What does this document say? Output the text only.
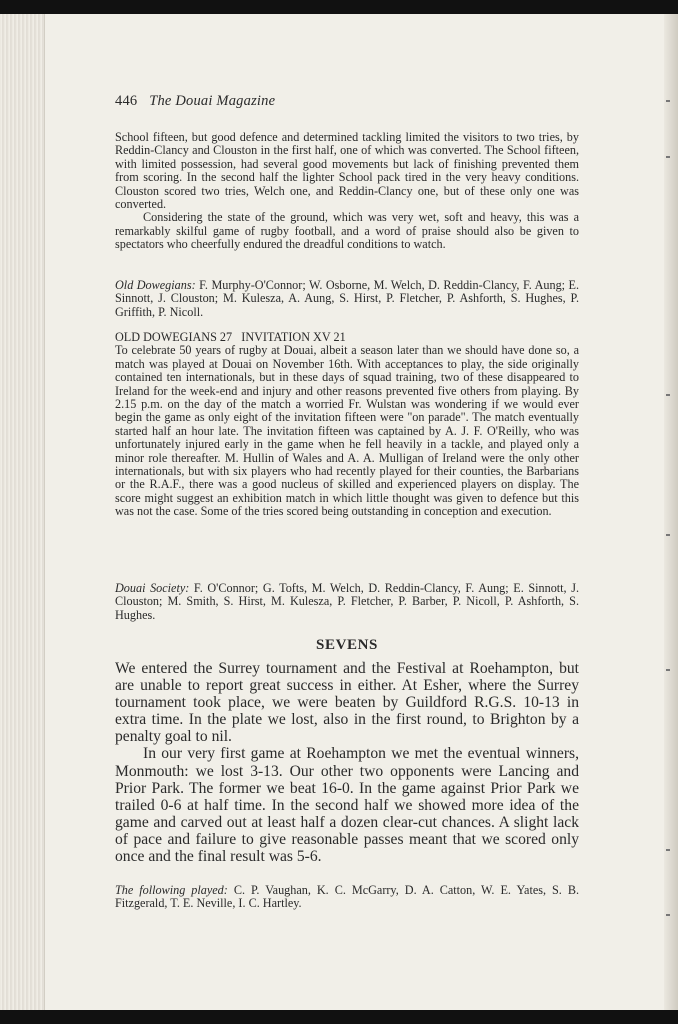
446 The Douai Magazine

School fifteen, but good defence and determined tackling limited the visitors to two tries, by Reddin-Clancy and Clouston in the first half, one of which was converted. The School fifteen, with limited possession, had several good movements but lack of finishing prevented them from scoring. In the second half the lighter School pack tired in the very heavy conditions. Clouston scored two tries, Welch one, and Reddin-Clancy one, but of these only one was converted.

Considering the state of the ground, which was very wet, soft and heavy, this was a remarkably skilful game of rugby football, and a word of praise should also be given to spectators who cheerfully endured the dreadful conditions to watch.

Old Dowegians: F. Murphy-O'Connor; W. Osborne, M. Welch, D. Reddin-Clancy, F. Aung; E. Sinnott, J. Clouston; M. Kulesza, A. Aung, S. Hirst, P. Fletcher, P. Ashforth, S. Hughes, P. Griffith, P. Nicoll.

OLD DOWEGIANS 27   INVITATION XV 21

To celebrate 50 years of rugby at Douai, albeit a season later than we should have done so, a match was played at Douai on November 16th. With acceptances to play, the side originally contained ten internationals, but in these days of squad training, two of these disappeared to Ireland for the week-end and injury and other reasons prevented five others from playing. By 2.15 p.m. on the day of the match a worried Fr. Wulstan was wondering if we would ever begin the game as only eight of the invitation fifteen were "on parade". The match eventually started half an hour late. The invitation fifteen was captained by A. J. F. O'Reilly, who was unfortunately injured early in the game when he fell heavily in a tackle, and played only a minor role thereafter. M. Hullin of Wales and A. A. Mulligan of Ireland were the only other internationals, but with six players who had recently played for their counties, the Barbarians or the R.A.F., there was a good nucleus of skilled and experienced players on display. The score might suggest an exhibition match in which little thought was given to defence but this was not the case. Some of the tries scored being outstanding in conception and execution.

Douai Society: F. O'Connor; G. Tofts, M. Welch, D. Reddin-Clancy, F. Aung; E. Sinnott, J. Clouston; M. Smith, S. Hirst, M. Kulesza, P. Fletcher, P. Barber, P. Nicoll, P. Ashforth, S. Hughes.

SEVENS

We entered the Surrey tournament and the Festival at Roehampton, but are unable to report great success in either. At Esher, where the Surrey tournament took place, we were beaten by Guildford R.G.S. 10-13 in extra time. In the plate we lost, also in the first round, to Brighton by a penalty goal to nil.

In our very first game at Roehampton we met the eventual winners, Monmouth: we lost 3-13. Our other two opponents were Lancing and Prior Park. The former we beat 16-0. In the game against Prior Park we trailed 0-6 at half time. In the second half we showed more idea of the game and carved out at least half a dozen clear-cut chances. A slight lack of pace and failure to give reasonable passes meant that we scored only once and the final result was 5-6.

The following played: C. P. Vaughan, K. C. McGarry, D. A. Catton, W. E. Yates, S. B. Fitzgerald, T. E. Neville, I. C. Hartley.
